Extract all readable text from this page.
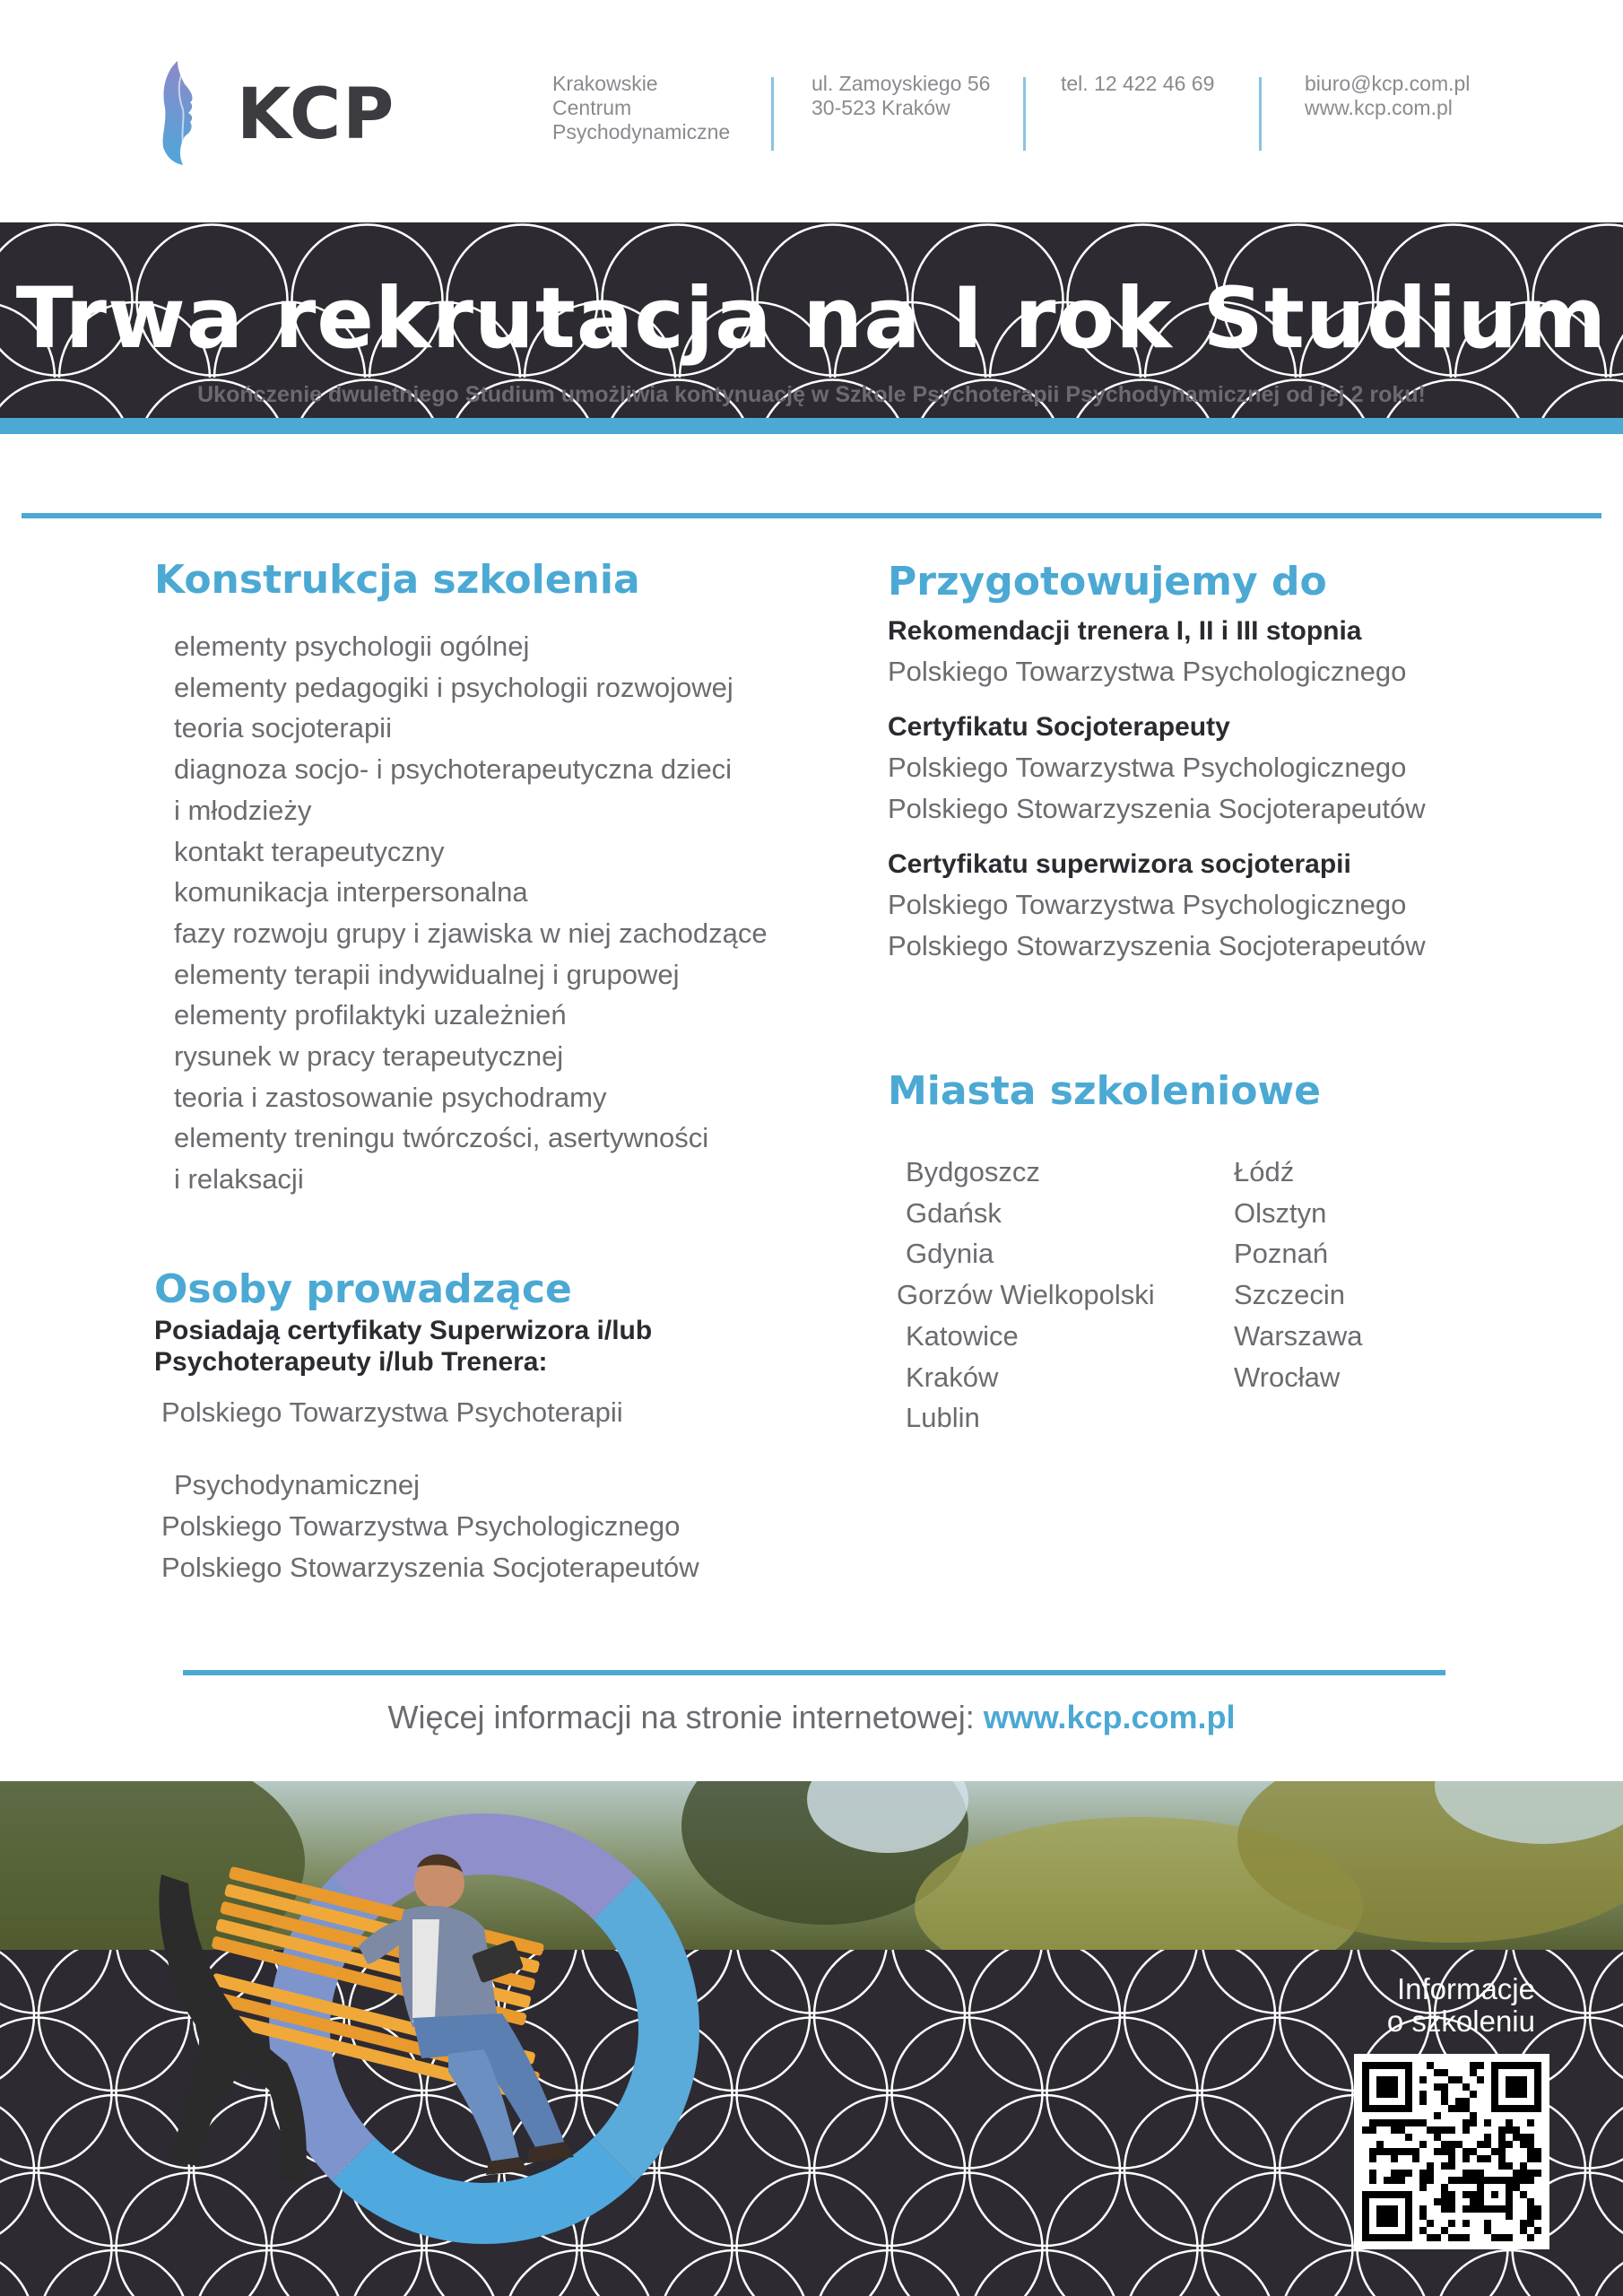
KCP	Krakowskie
Centrum
Psychodynamiczne
ul. Zamoyskiego 56
30-523 Kraków
tel. 12 422 46 69	biuro@kcp.com.pl
www.kcp.com.pl
Trwa rekrutacja na I rok Studium
Ukończenie dwuletniego Studium umożliwia kontynuację w Szkole Psychoterapii Psychodynamicznej od jej 2 roku!
Konstrukcja szkolenia
elementy psychologii ogólnej
elementy pedagogiki i psychologii rozwojowej
teoria socjoterapii
diagnoza socjo- i psychoterapeutyczna dzieci
i młodzieży
kontakt terapeutyczny
komunikacja interpersonalna
fazy rozwoju grupy i zjawiska w niej zachodzące
elementy terapii indywidualnej i grupowej
elementy profilaktyki uzależnień
rysunek w pracy terapeutycznej
teoria i zastosowanie psychodramy
elementy treningu twórczości, asertywności
i relaksacji
Osoby prowadzące
Posiadają certyfikaty Superwizora i/lub
Psychoterapeuty i/lub Trenera:
Polskiego Towarzystwa Psychoterapii
Psychodynamicznej
Polskiego Towarzystwa Psychologicznego
Polskiego Stowarzyszenia Socjoterapeutów
Przygotowujemy do
Rekomendacji trenera I, II i III stopnia
Polskiego Towarzystwa Psychologicznego
Certyfikatu Socjoterapeuty
Polskiego Towarzystwa Psychologicznego
Polskiego Stowarzyszenia Socjoterapeutów
Certyfikatu superwizora socjoterapii
Polskiego Towarzystwa Psychologicznego
Polskiego Stowarzyszenia Socjoterapeutów
Miasta szkoleniowe
Bydgoszcz
Gdańsk
Gdynia
Gorzów Wielkopolski
Katowice
Kraków
Lublin
Łódź
Olsztyn
Poznań
Szczecin
Warszawa
Wrocław
Więcej informacji na stronie internetowej: www.kcp.com.pl
Informacje
o szkoleniu
